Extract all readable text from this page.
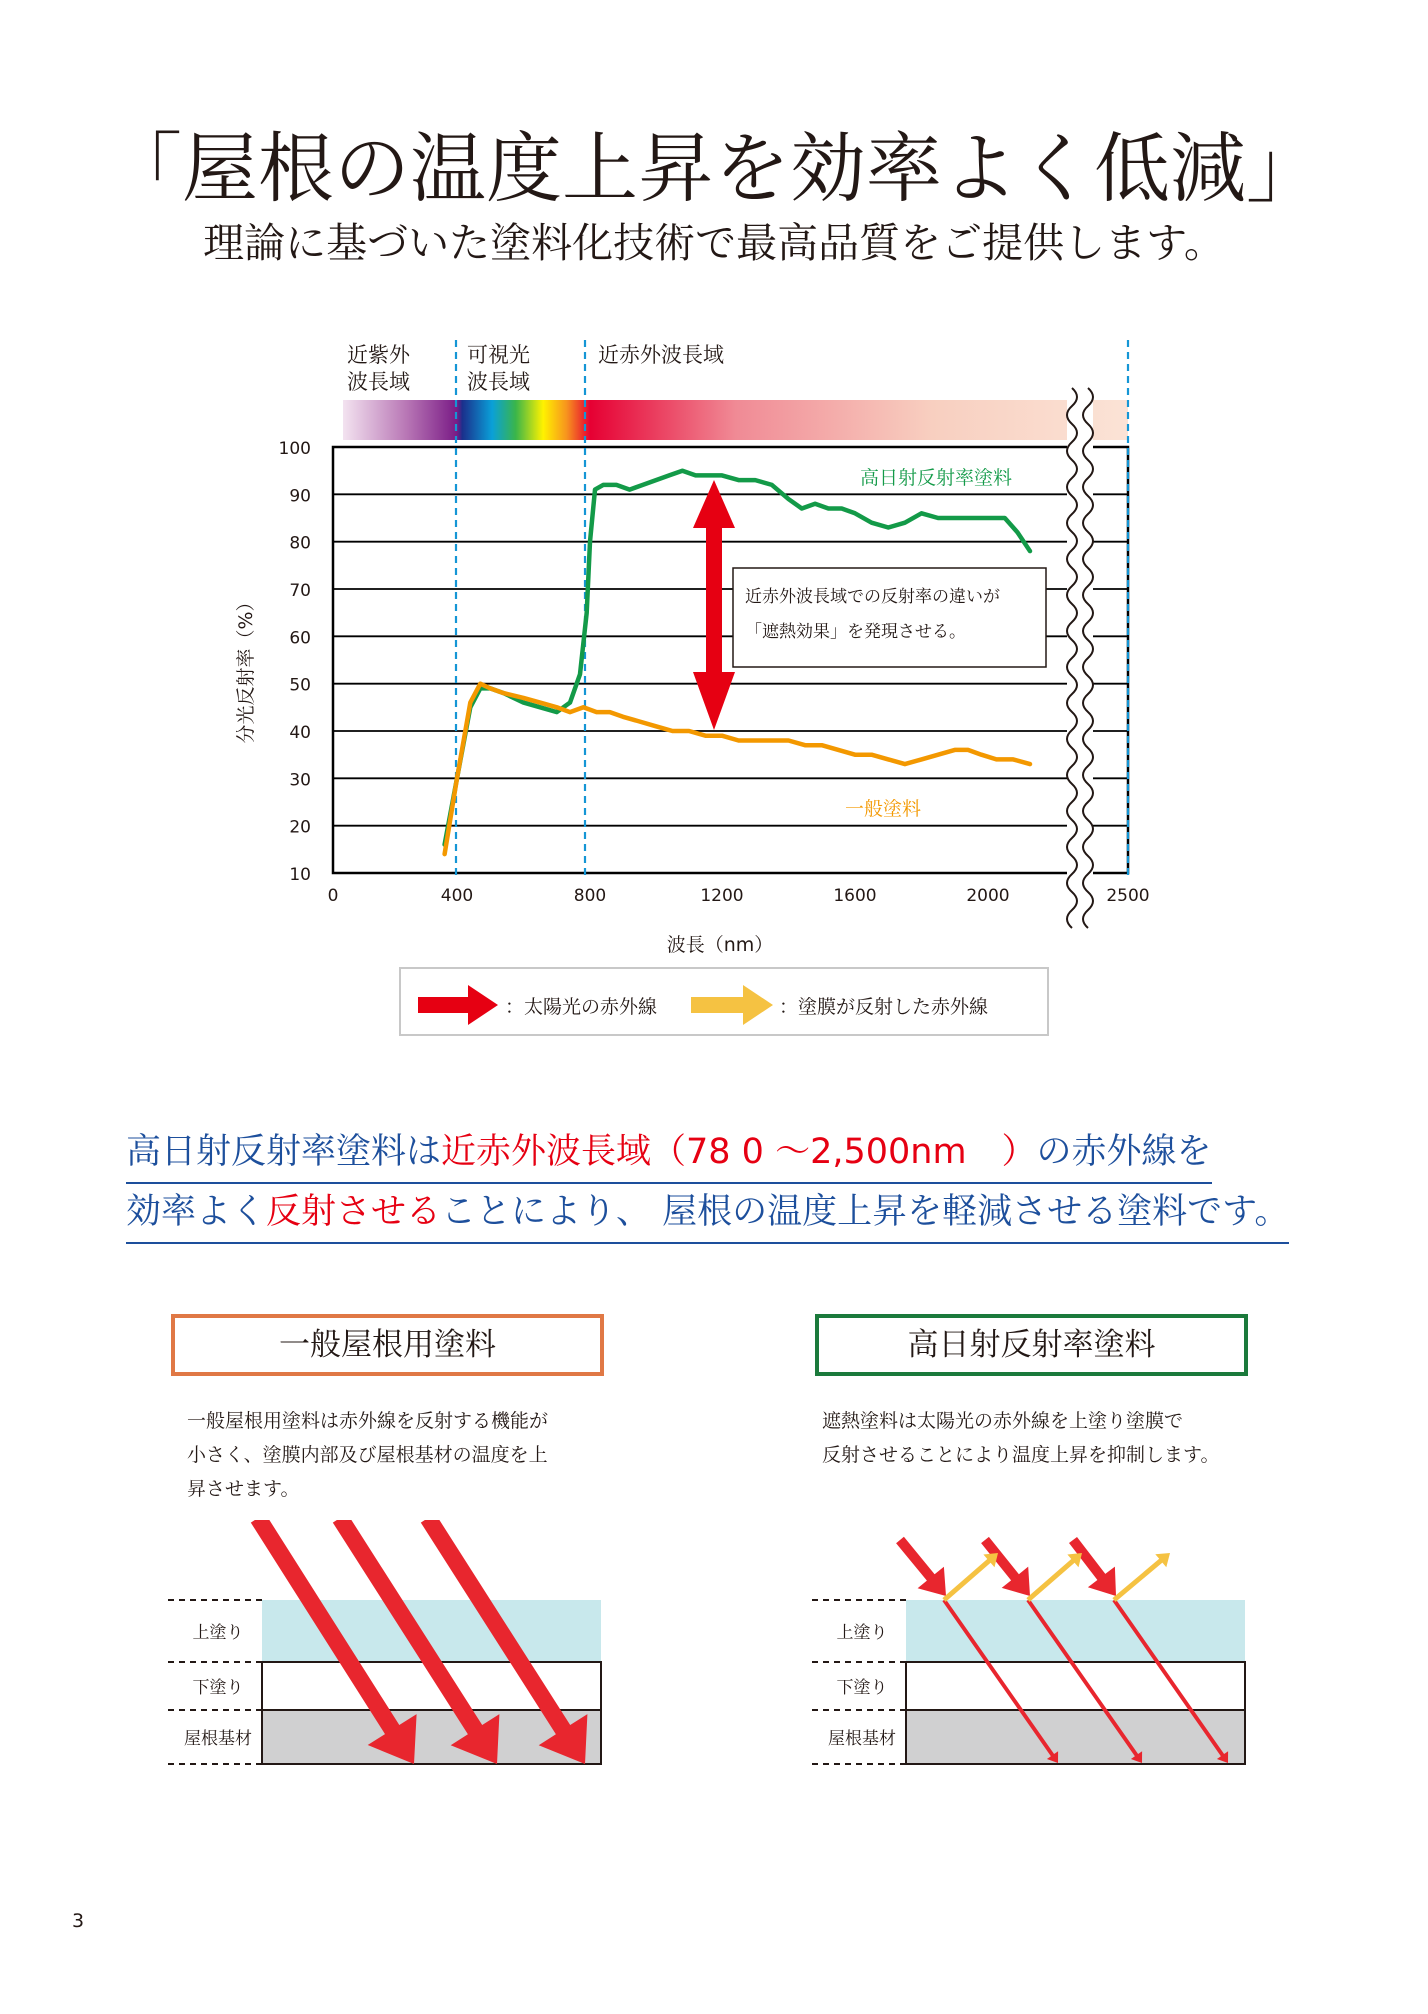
「屋根の温度上昇を効率よく低減」
理論に基づいた塗料化技術で最高品質をご提供します。
100
90
80
70
60
50
40
30
20
10
0	400	800	1200	1600	2000	2500
波長（nm）
分光反射率（%）
近紫外
波長域
可視光
波長域
近赤外波長域
：太陽光の赤外線	：塗膜が反射した赤外線
高日射反射率塗料
一般塗料
近赤外波長域での反射率の違いが
「遮熱効果」を発現させる。
高日射反射率塗料は近赤外波長域（78 0 ～2,500nm　）の赤外線を
効率よく反射させることにより、 屋根の温度上昇を軽減させる塗料です。
一般屋根用塗料
一般屋根用塗料は赤外線を反射する機能が
小さく、塗膜内部及び屋根基材の温度を上
昇させます。
高日射反射率塗料
遮熱塗料は太陽光の赤外線を上塗り塗膜で
反射させることにより温度上昇を抑制します。
上塗り
下塗り
屋根基材
上塗り
下塗り
屋根基材
3
